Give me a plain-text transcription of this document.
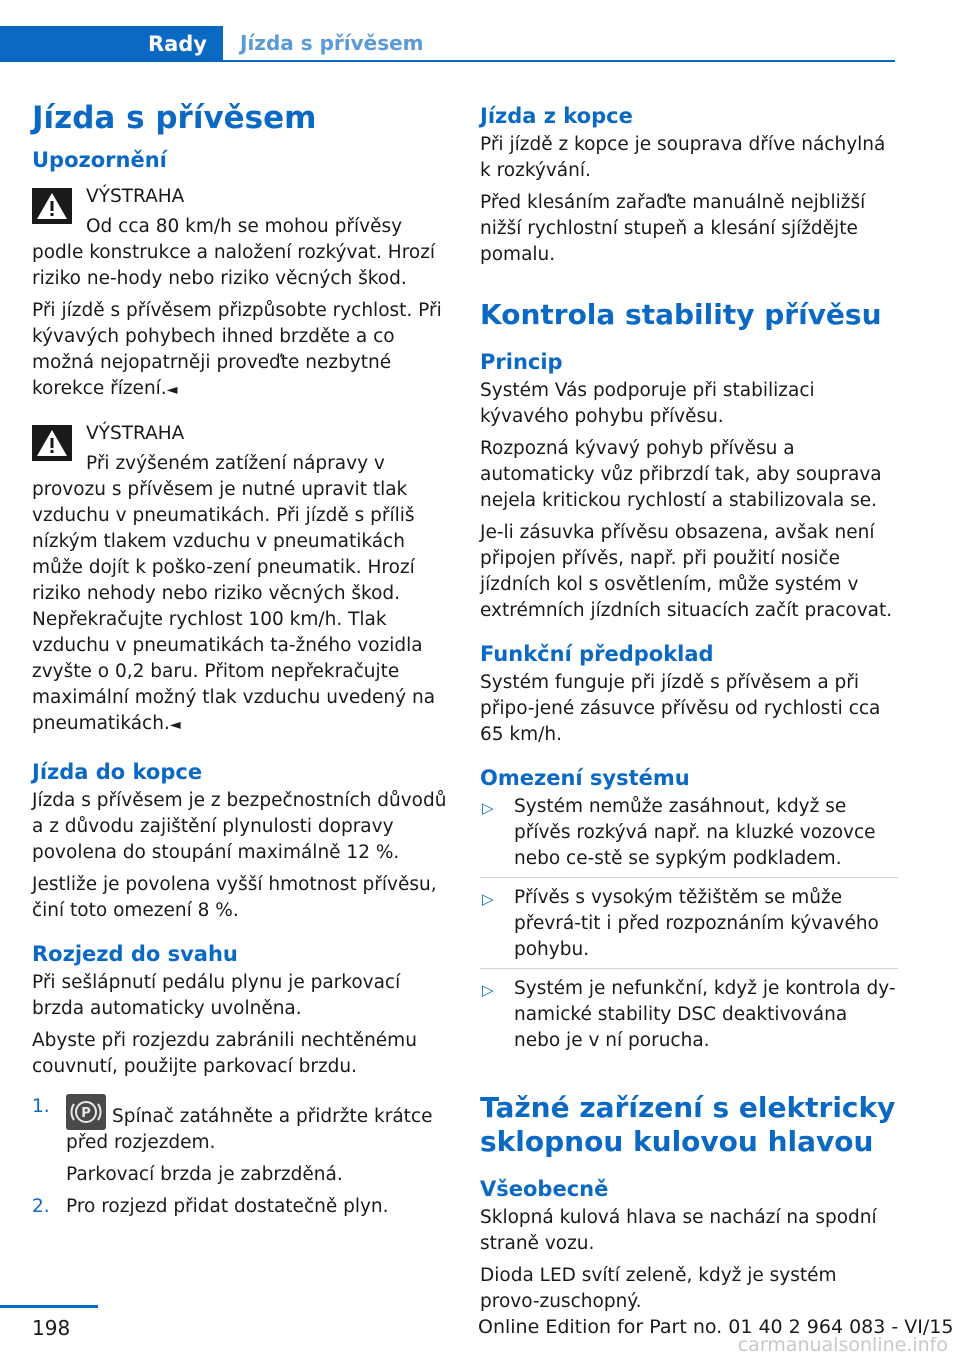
Rady	Jízda s přívěsem
Jízda s přívěsem
Upozornění

VÝSTRAHA

Od cca 80 km/h se mohou přívěsy podle konstrukce a naložení rozkývat. Hrozí riziko ne-hody nebo riziko věcných škod.

Při jízdě s přívěsem přizpůsobte rychlost. Při kývavých pohybech ihned brzděte a co možná nejopatrněji proveďte nezbytné korekce řízení.◄

VÝSTRAHA

Při zvýšeném zatížení nápravy v provozu s přívěsem je nutné upravit tlak vzduchu v pneumatikách. Při jízdě s příliš nízkým tlakem vzduchu v pneumatikách může dojít k poško-zení pneumatik. Hrozí riziko nehody nebo riziko věcných škod. Nepřekračujte rychlost 100 km/h. Tlak vzduchu v pneumatikách ta-žného vozidla zvyšte o 0,2 baru. Přitom nepřekračujte maximální možný tlak vzduchu uvedený na pneumatikách.◄

Jízda do kopce

Jízda s přívěsem je z bezpečnostních důvodů a z důvodu zajištění plynulosti dopravy povolena do stoupání maximálně 12 %.

Jestliže je povolena vyšší hmotnost přívěsu, činí toto omezení 8 %.

Rozjezd do svahu

Při sešlápnutí pedálu plynu je parkovací brzda automaticky uvolněna.

Abyste při rozjezdu zabránili nechtěnému couvnutí, použijte parkovací brzdu.

1. P Spínač zatáhněte a přidržte krátce před rozjezdem.

Parkovací brzda je zabrzděná.

2. Pro rozjezd přidat dostatečně plyn.

Jízda z kopce

Při jízdě z kopce je souprava dříve náchylná k rozkývání.

Před klesáním zařaďte manuálně nejbližší nižší rychlostní stupeň a klesání sjíždějte pomalu.

Kontrola stability přívěsu
Princip

Systém Vás podporuje při stabilizaci kývavého pohybu přívěsu.

Rozpozná kývavý pohyb přívěsu a automaticky vůz přibrzdí tak, aby souprava nejela kritickou rychlostí a stabilizovala se.

Je-li zásuvka přívěsu obsazena, avšak není připojen přívěs, např. při použití nosiče jízdních kol s osvětlením, může systém v extrémních jízdních situacích začít pracovat.

Funkční předpoklad

Systém funguje při jízdě s přívěsem a při připo-jené zásuvce přívěsu od rychlosti cca 65 km/h.

Omezení systému
▷ Systém nemůže zasáhnout, když se přívěs rozkývá např. na kluzké vozovce nebo ce-stě se sypkým podkladem.

▷ Přívěs s vysokým těžištěm se může převrá-tit i před rozpoznáním kývavého pohybu.

▷ Systém je nefunkční, když je kontrola dy-namické stability DSC deaktivována nebo je v ní porucha.

Tažné zařízení s elektricky sklopnou kulovou hlavou
Všeobecně

Sklopná kulová hlava se nachází na spodní straně vozu.

Dioda LED svítí zeleně, když je systém provo-zuschopný.

198	Online Edition for Part no. 01 40 2 964 083 - VI/15
carmanualsonline.info
